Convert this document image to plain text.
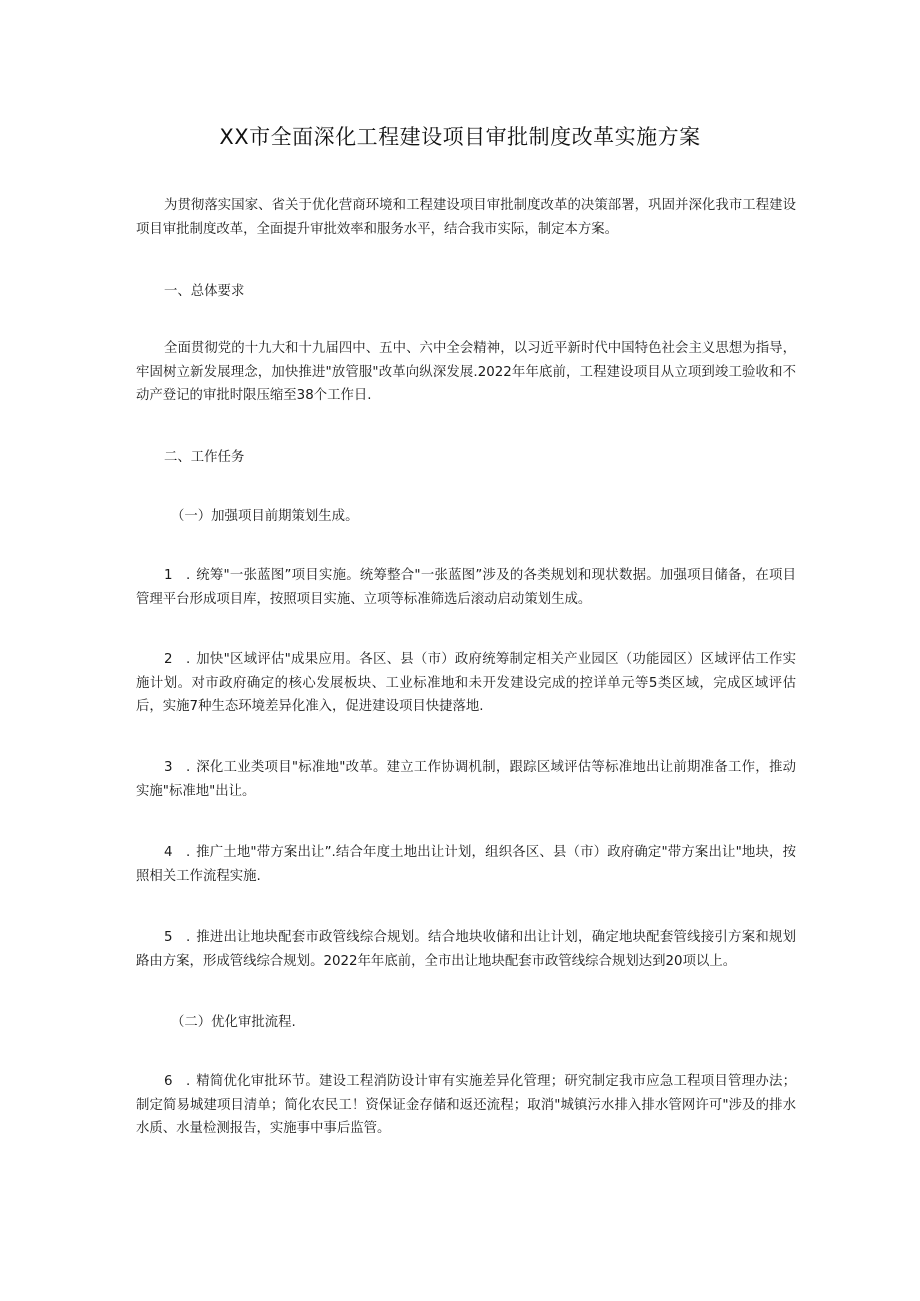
XX市全面深化工程建设项目审批制度改革实施方案
为贯彻落实国家、省关于优化营商环境和工程建设项目审批制度改革的决策部署，巩固并深化我市工程建设项目审批制度改革，全面提升审批效率和服务水平，结合我市实际，制定本方案。
一、总体要求
全面贯彻党的十九大和十九届四中、五中、六中全会精神，以习近平新时代中国特色社会主义思想为指导，牢固树立新发展理念，加快推进"放管服"改革向纵深发展.2022年年底前，工程建设项目从立项到竣工验收和不动产登记的审批时限压缩至38个工作日.
二、工作任务
（一）加强项目前期策划生成。
1 . 统筹"一张蓝图”项目实施。统筹整合"一张蓝图”涉及的各类规划和现状数据。加强项目储备，在项目管理平台形成项目库，按照项目实施、立项等标准筛选后滚动启动策划生成。
2 . 加快"区域评估"成果应用。各区、县（市）政府统筹制定相关产业园区（功能园区）区域评估工作实施计划。对市政府确定的核心发展板块、工业标准地和未开发建设完成的控详单元等5类区域，完成区域评估后，实施7种生态环境差异化准入，促进建设项目快捷落地.
3 . 深化工业类项目"标准地"改革。建立工作协调机制，跟踪区域评估等标准地出让前期准备工作，推动实施"标准地"出让。
4 . 推广土地"带方案出让”.结合年度土地出让计划，组织各区、县（市）政府确定"带方案出让"地块，按照相关工作流程实施.
5 . 推进出让地块配套市政管线综合规划。结合地块收储和出让计划，确定地块配套管线接引方案和规划路由方案，形成管线综合规划。2022年年底前，全市出让地块配套市政管线综合规划达到20项以上。
（二）优化审批流程.
6 . 精简优化审批环节。建设工程消防设计审有实施差异化管理；研究制定我市应急工程项目管理办法；制定简易城建项目清单；简化农民工！资保证金存储和返还流程；取消"城镇污水排入排水管网许可"涉及的排水水质、水量检测报告，实施事中事后监管。
